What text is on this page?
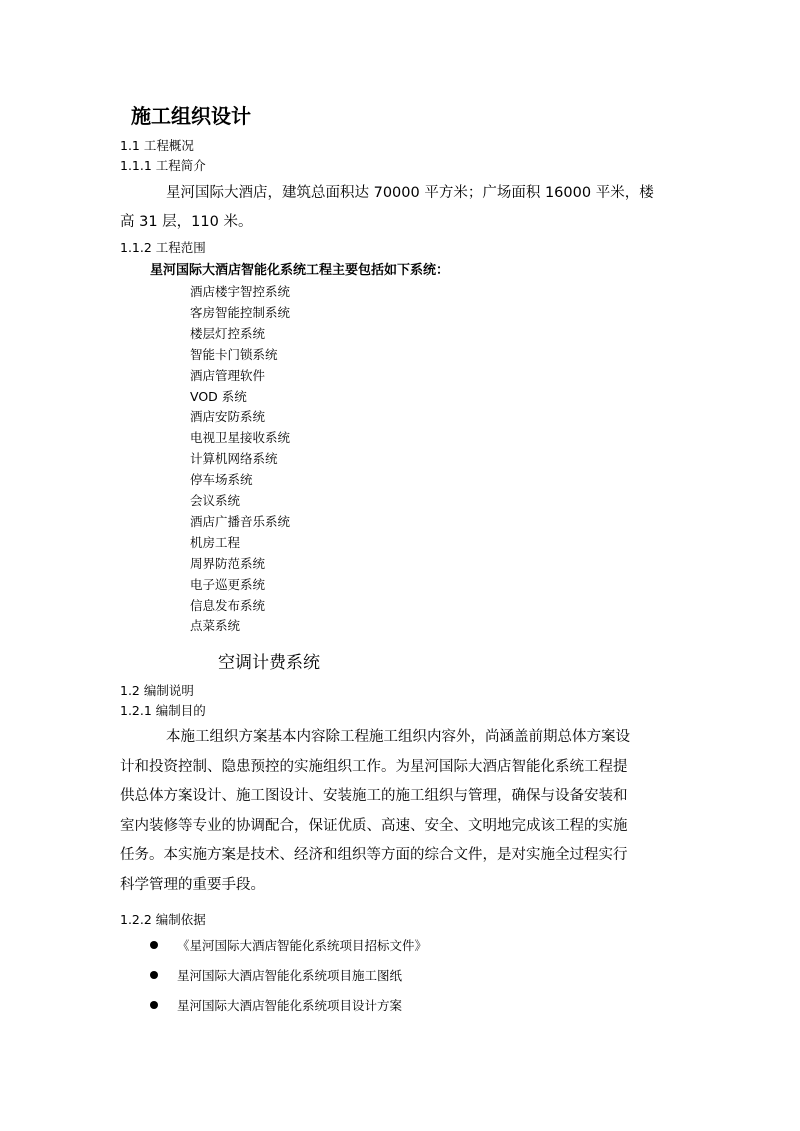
施工组织设计
1.1 工程概况
1.1.1 工程简介
星河国际大酒店，建筑总面积达 70000 平方米；广场面积 16000 平米，楼
高 31 层，110 米。
1.1.2 工程范围
星河国际大酒店智能化系统工程主要包括如下系统：
酒店楼宇智控系统
客房智能控制系统
楼层灯控系统
智能卡门锁系统
酒店管理软件
VOD 系统
酒店安防系统
电视卫星接收系统
计算机网络系统
停车场系统
会议系统
酒店广播音乐系统
机房工程
周界防范系统
电子巡更系统
信息发布系统
点菜系统
空调计费系统
1.2 编制说明
1.2.1 编制目的
本施工组织方案基本内容除工程施工组织内容外，尚涵盖前期总体方案设
计和投资控制、隐患预控的实施组织工作。为星河国际大酒店智能化系统工程提
供总体方案设计、施工图设计、安装施工的施工组织与管理，确保与设备安装和
室内装修等专业的协调配合，保证优质、高速、安全、文明地完成该工程的实施
任务。本实施方案是技术、经济和组织等方面的综合文件，是对实施全过程实行
科学管理的重要手段。
1.2.2 编制依据
《星河国际大酒店智能化系统项目招标文件》
星河国际大酒店智能化系统项目施工图纸
星河国际大酒店智能化系统项目设计方案
